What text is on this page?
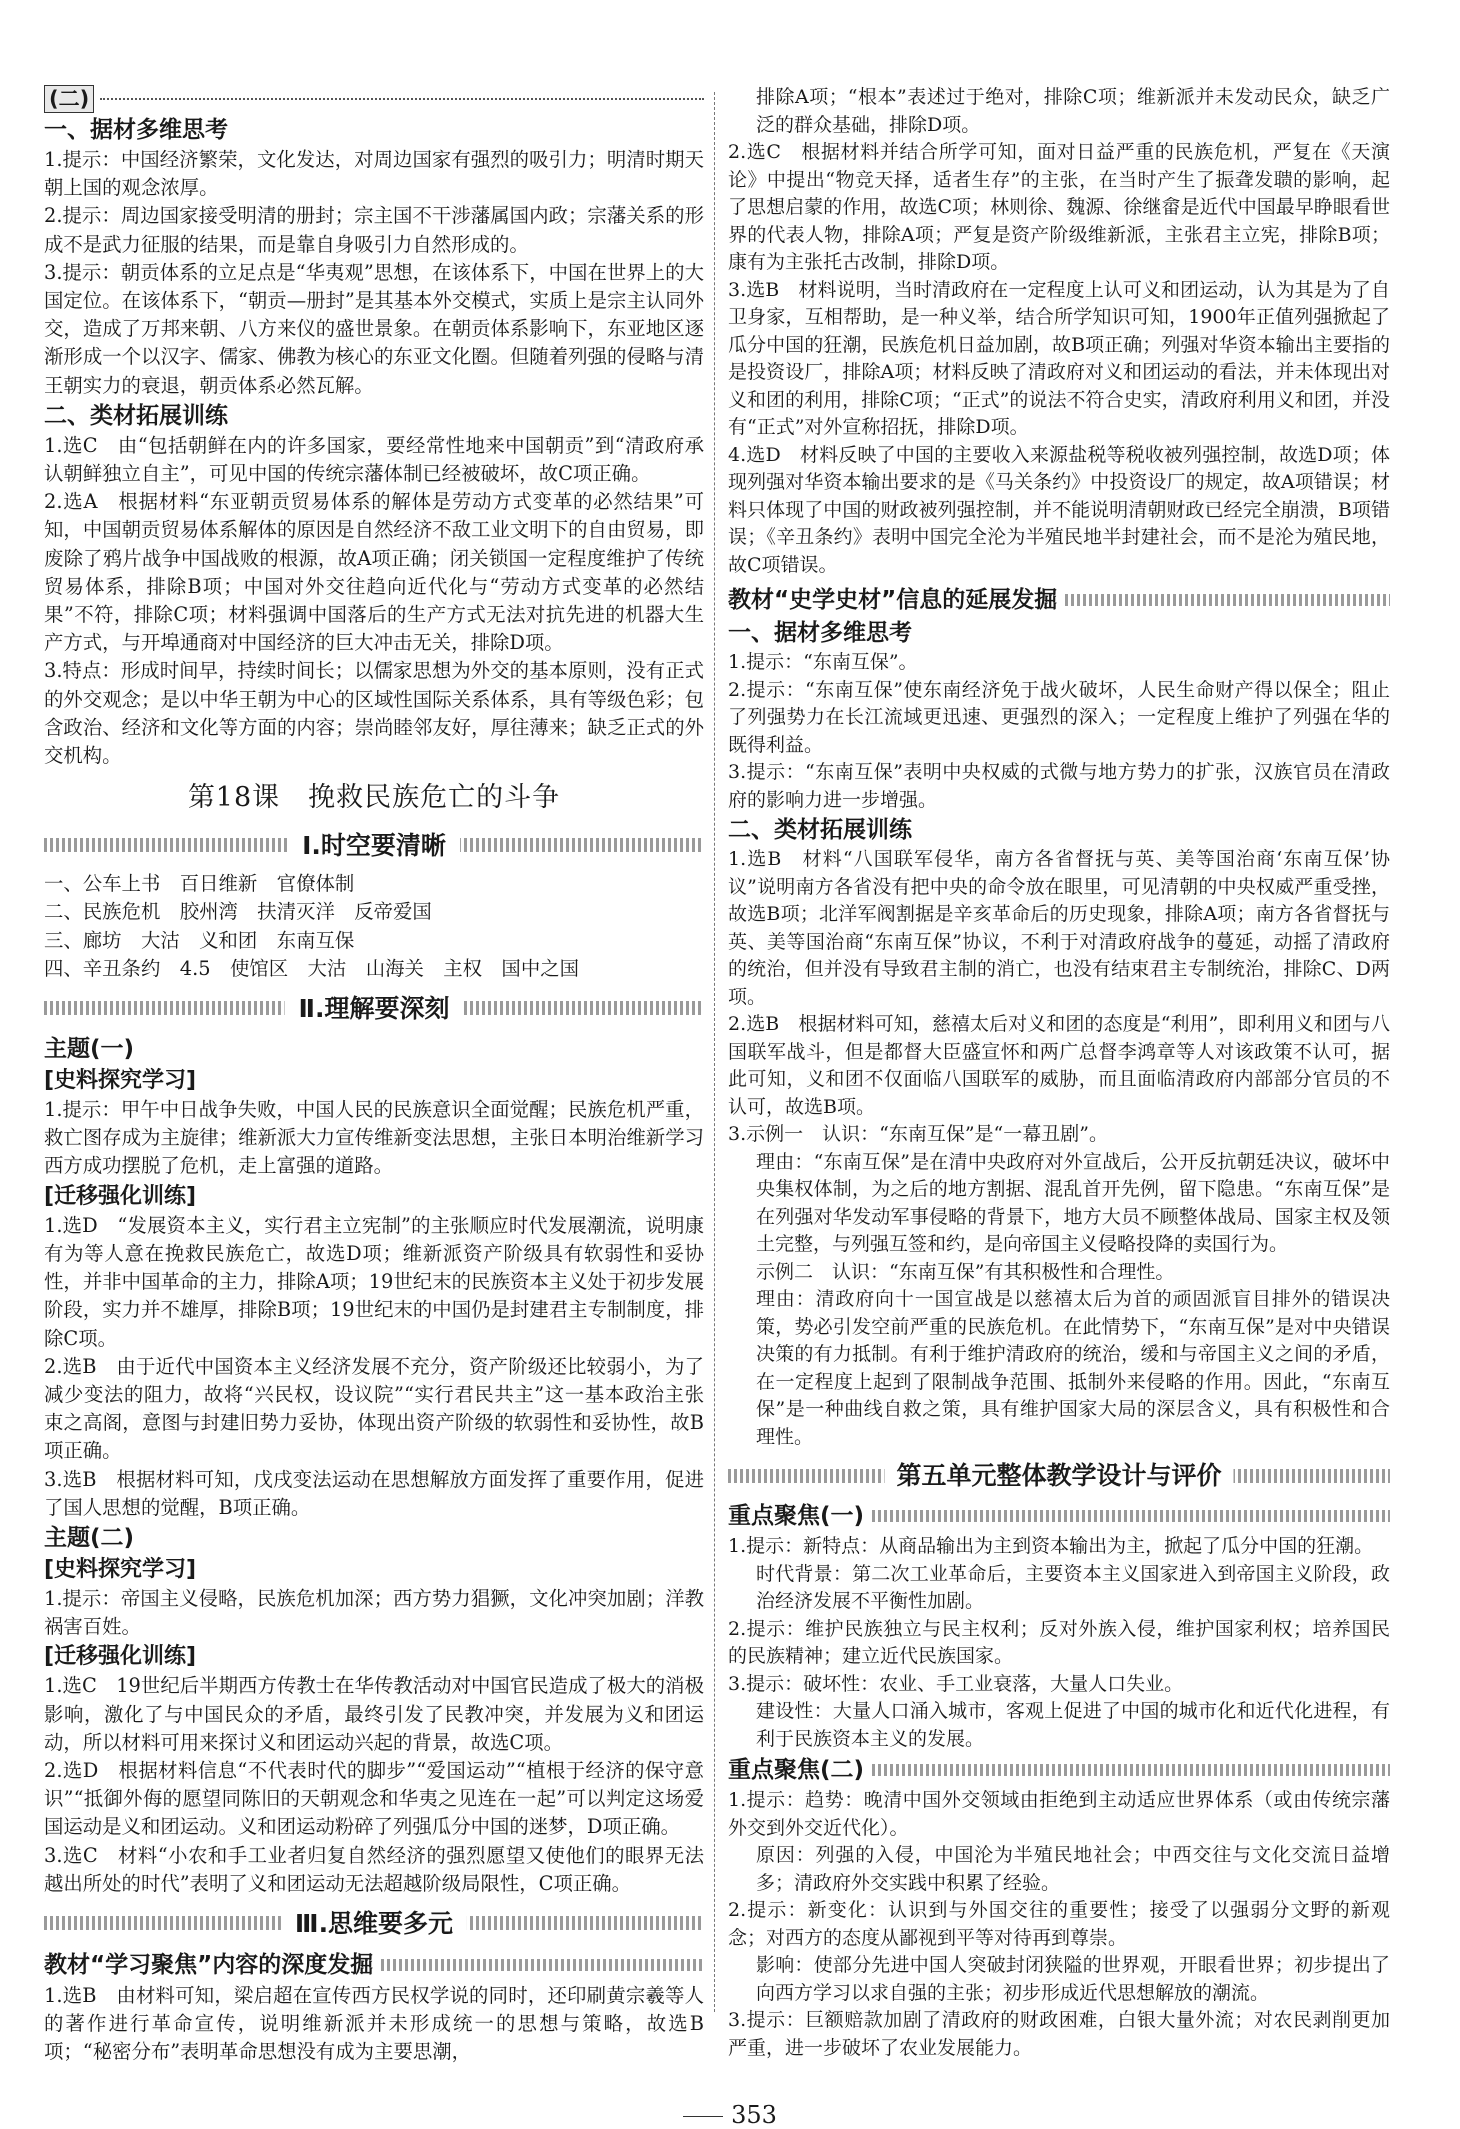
(二)

一、据材多维思考

1.提示：中国经济繁荣，文化发达，对周边国家有强烈的吸引力；明清时期天朝上国的观念浓厚。

2.提示：周边国家接受明清的册封；宗主国不干涉藩属国内政；宗藩关系的形成不是武力征服的结果，而是靠自身吸引力自然形成的。

3.提示：朝贡体系的立足点是“华夷观”思想，在该体系下，中国在世界上的大国定位。在该体系下，“朝贡—册封”是其基本外交模式，实质上是宗主认同外交，造成了万邦来朝、八方来仪的盛世景象。在朝贡体系影响下，东亚地区逐渐形成一个以汉字、儒家、佛教为核心的东亚文化圈。但随着列强的侵略与清王朝实力的衰退，朝贡体系必然瓦解。

二、类材拓展训练

1.选C　由“包括朝鲜在内的许多国家，要经常性地来中国朝贡”到“清政府承认朝鲜独立自主”，可见中国的传统宗藩体制已经被破坏，故C项正确。

2.选A　根据材料“东亚朝贡贸易体系的解体是劳动方式变革的必然结果”可知，中国朝贡贸易体系解体的原因是自然经济不敌工业文明下的自由贸易，即废除了鸦片战争中国战败的根源，故A项正确；闭关锁国一定程度维护了传统贸易体系，排除B项；中国对外交往趋向近代化与“劳动方式变革的必然结果”不符，排除C项；材料强调中国落后的生产方式无法对抗先进的机器大生产方式，与开埠通商对中国经济的巨大冲击无关，排除D项。

3.特点：形成时间早，持续时间长；以儒家思想为外交的基本原则，没有正式的外交观念；是以中华王朝为中心的区域性国际关系体系，具有等级色彩；包含政治、经济和文化等方面的内容；崇尚睦邻友好，厚往薄来；缺乏正式的外交机构。

第18课　挽救民族危亡的斗争

Ⅰ.时空要清晰

一、公车上书　百日维新　官僚体制

二、民族危机　胶州湾　扶清灭洋　反帝爱国

三、廊坊　大沽　义和团　东南互保

四、辛丑条约　4.5　使馆区　大沽　山海关　主权　国中之国

Ⅱ.理解要深刻

主题(一)

[史料探究学习]

1.提示：甲午中日战争失败，中国人民的民族意识全面觉醒；民族危机严重，救亡图存成为主旋律；维新派大力宣传维新变法思想，主张日本明治维新学习西方成功摆脱了危机，走上富强的道路。

[迁移强化训练]

1.选D　“发展资本主义，实行君主立宪制”的主张顺应时代发展潮流，说明康有为等人意在挽救民族危亡，故选D项；维新派资产阶级具有软弱性和妥协性，并非中国革命的主力，排除A项；19世纪末的民族资本主义处于初步发展阶段，实力并不雄厚，排除B项；19世纪末的中国仍是封建君主专制制度，排除C项。

2.选B　由于近代中国资本主义经济发展不充分，资产阶级还比较弱小，为了减少变法的阻力，故将“兴民权，设议院”“实行君民共主”这一基本政治主张束之高阁，意图与封建旧势力妥协，体现出资产阶级的软弱性和妥协性，故B项正确。

3.选B　根据材料可知，戊戌变法运动在思想解放方面发挥了重要作用，促进了国人思想的觉醒，B项正确。

主题(二)

[史料探究学习]

1.提示：帝国主义侵略，民族危机加深；西方势力猖獗，文化冲突加剧；洋教祸害百姓。

[迁移强化训练]

1.选C　19世纪后半期西方传教士在华传教活动对中国官民造成了极大的消极影响，激化了与中国民众的矛盾，最终引发了民教冲突，并发展为义和团运动，所以材料可用来探讨义和团运动兴起的背景，故选C项。

2.选D　根据材料信息“不代表时代的脚步”“爱国运动”“植根于经济的保守意识”“抵御外侮的愿望同陈旧的天朝观念和华夷之见连在一起”可以判定这场爱国运动是义和团运动。义和团运动粉碎了列强瓜分中国的迷梦，D项正确。

3.选C　材料“小农和手工业者归复自然经济的强烈愿望又使他们的眼界无法越出所处的时代”表明了义和团运动无法超越阶级局限性，C项正确。

Ⅲ.思维要多元
教材“学习聚焦”内容的深度发掘

1.选B　由材料可知，梁启超在宣传西方民权学说的同时，还印刷黄宗羲等人的著作进行革命宣传，说明维新派并未形成统一的思想与策略，故选B项；“秘密分布”表明革命思想没有成为主要思潮，

排除A项；“根本”表述过于绝对，排除C项；维新派并未发动民众，缺乏广泛的群众基础，排除D项。

2.选C　根据材料并结合所学可知，面对日益严重的民族危机，严复在《天演论》中提出“物竞天择，适者生存”的主张，在当时产生了振聋发聩的影响，起了思想启蒙的作用，故选C项；林则徐、魏源、徐继畲是近代中国最早睁眼看世界的代表人物，排除A项；严复是资产阶级维新派，主张君主立宪，排除B项；康有为主张托古改制，排除D项。

3.选B　材料说明，当时清政府在一定程度上认可义和团运动，认为其是为了自卫身家，互相帮助，是一种义举，结合所学知识可知，1900年正值列强掀起了瓜分中国的狂潮，民族危机日益加剧，故B项正确；列强对华资本输出主要指的是投资设厂，排除A项；材料反映了清政府对义和团运动的看法，并未体现出对义和团的利用，排除C项；“正式”的说法不符合史实，清政府利用义和团，并没有“正式”对外宣称招抚，排除D项。

4.选D　材料反映了中国的主要收入来源盐税等税收被列强控制，故选D项；体现列强对华资本输出要求的是《马关条约》中投资设厂的规定，故A项错误；材料只体现了中国的财政被列强控制，并不能说明清朝财政已经完全崩溃，B项错误；《辛丑条约》表明中国完全沦为半殖民地半封建社会，而不是沦为殖民地，故C项错误。

教材“史学史材”信息的延展发掘

一、据材多维思考

1.提示：“东南互保”。

2.提示：“东南互保”使东南经济免于战火破坏，人民生命财产得以保全；阻止了列强势力在长江流域更迅速、更强烈的深入；一定程度上维护了列强在华的既得利益。

3.提示：“东南互保”表明中央权威的式微与地方势力的扩张，汉族官员在清政府的影响力进一步增强。

二、类材拓展训练

1.选B　材料“八国联军侵华，南方各省督抚与英、美等国治商‘东南互保’协议”说明南方各省没有把中央的命令放在眼里，可见清朝的中央权威严重受挫，故选B项；北洋军阀割据是辛亥革命后的历史现象，排除A项；南方各省督抚与英、美等国治商“东南互保”协议，不利于对清政府战争的蔓延，动摇了清政府的统治，但并没有导致君主制的消亡，也没有结束君主专制统治，排除C、D两项。

2.选B　根据材料可知，慈禧太后对义和团的态度是“利用”，即利用义和团与八国联军战斗，但是都督大臣盛宣怀和两广总督李鸿章等人对该政策不认可，据此可知，义和团不仅面临八国联军的威胁，而且面临清政府内部部分官员的不认可，故选B项。

3.示例一　认识：“东南互保”是“一幕丑剧”。

理由：“东南互保”是在清中央政府对外宣战后，公开反抗朝廷决议，破坏中央集权体制，为之后的地方割据、混乱首开先例，留下隐患。“东南互保”是在列强对华发动军事侵略的背景下，地方大员不顾整体战局、国家主权及领土完整，与列强互签和约，是向帝国主义侵略投降的卖国行为。

示例二　认识：“东南互保”有其积极性和合理性。

理由：清政府向十一国宣战是以慈禧太后为首的顽固派盲目排外的错误决策，势必引发空前严重的民族危机。在此情势下，“东南互保”是对中央错误决策的有力抵制。有利于维护清政府的统治，缓和与帝国主义之间的矛盾，在一定程度上起到了限制战争范围、抵制外来侵略的作用。因此，“东南互保”是一种曲线自救之策，具有维护国家大局的深层含义，具有积极性和合理性。

第五单元整体教学设计与评价
重点聚焦(一)

1.提示：新特点：从商品输出为主到资本输出为主，掀起了瓜分中国的狂潮。

时代背景：第二次工业革命后，主要资本主义国家进入到帝国主义阶段，政治经济发展不平衡性加剧。

2.提示：维护民族独立与民主权利；反对外族入侵，维护国家利权；培养国民的民族精神；建立近代民族国家。

3.提示：破坏性：农业、手工业衰落，大量人口失业。

建设性：大量人口涌入城市，客观上促进了中国的城市化和近代化进程，有利于民族资本主义的发展。

重点聚焦(二)

1.提示：趋势：晚清中国外交领域由拒绝到主动适应世界体系（或由传统宗藩外交到外交近代化）。

原因：列强的入侵，中国沦为半殖民地社会；中西交往与文化交流日益增多；清政府外交实践中积累了经验。

2.提示：新变化：认识到与外国交往的重要性；接受了以强弱分文野的新观念；对西方的态度从鄙视到平等对待再到尊崇。

影响：使部分先进中国人突破封闭狭隘的世界观，开眼看世界；初步提出了向西方学习以求自强的主张；初步形成近代思想解放的潮流。

3.提示：巨额赔款加剧了清政府的财政困难，白银大量外流；对农民剥削更加严重，进一步破坏了农业发展能力。

353
